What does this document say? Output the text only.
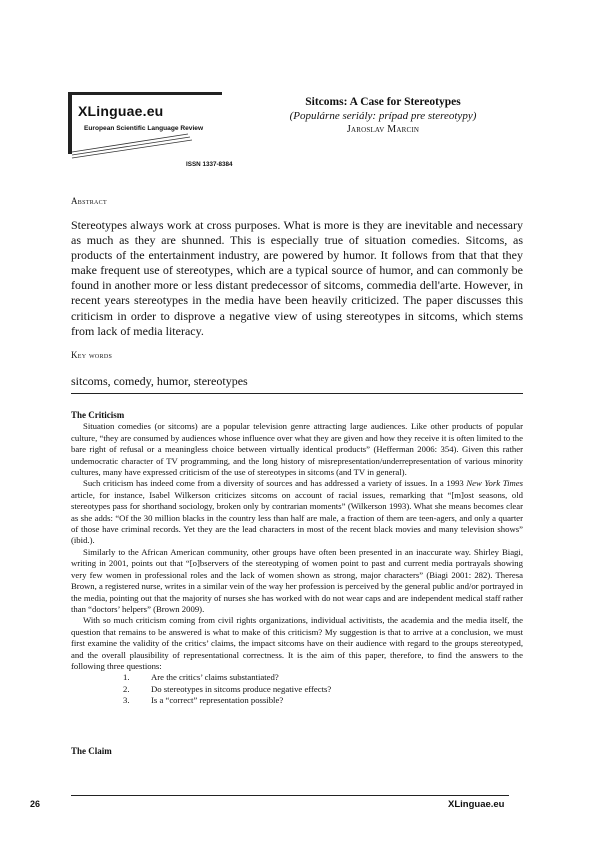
XLinguae.eu
European Scientific Language Review
ISSN 1337-8384
Sitcoms: A Case for Stereotypes
(Populárne seriály: prípad pre stereotypy)
Jaroslav Marcin
Abstract

Stereotypes always work at cross purposes. What is more is they are inevitable and necessary as much as they are shunned. This is especially true of situation comedies. Sitcoms, as products of the entertainment industry, are powered by humor. It follows from that that they make frequent use of stereotypes, which are a typical source of humor, and can commonly be found in another more or less distant predecessor of sitcoms, commedia dell'arte. However, in recent years stereotypes in the media have been heavily criticized. The paper discusses this criticism in order to disprove a negative view of using stereotypes in sitcoms, which stems from lack of media literacy.

Key words
sitcoms, comedy, humor, stereotypes

The Criticism

Situation comedies (or sitcoms) are a popular television genre attracting large audiences. Like other products of popular culture, “they are consumed by audiences whose influence over what they are given and how they receive it is often limited to the bare right of refusal or a meaningless choice between virtually identical products” (Hefferman 2006: 354). Given this rather undemocratic character of TV programming, and the long history of misrepresentation/underrepresentation of various minority cultures, many have expressed criticism of the use of stereotypes in sitcoms (and TV in general).

Such criticism has indeed come from a diversity of sources and has addressed a variety of issues. In a 1993 New York Times article, for instance, Isabel Wilkerson criticizes sitcoms on account of racial issues, remarking that “[m]ost seasons, old stereotypes pass for shorthand sociology, broken only by contrarian moments” (Wilkerson 1993). What she means becomes clear as she adds: “Of the 30 million blacks in the country less than half are male, a fraction of them are teen-agers, and only a quarter of those have criminal records. Yet they are the lead characters in most of the recent black movies and many television shows” (ibid.).

Similarly to the African American community, other groups have often been presented in an inaccurate way. Shirley Biagi, writing in 2001, points out that “[o]bservers of the stereotyping of women point to past and current media portrayals showing very few women in professional roles and the lack of women shown as strong, major characters” (Biagi 2001: 282). Theresa Brown, a registered nurse, writes in a similar vein of the way her profession is perceived by the general public and/or portrayed in the media, pointing out that the majority of nurses she has worked with do not wear caps and are independent medical staff rather than “doctors’ helpers” (Brown 2009).

With so much criticism coming from civil rights organizations, individual activitists, the academia and the media itself, the question that remains to be answered is what to make of this criticism? My suggestion is that to arrive at a conclusion, we must first examine the validity of the critics’ claims, the impact sitcoms have on their audience with regard to the groups stereotyped, and the overall plausibility of representational correctness. It is the aim of this paper, therefore, to find the answers to the following three questions:

1. Are the critics’ claims substantiated?
2. Do stereotypes in sitcoms produce negative effects?
3. Is a “correct” representation possible?
The Claim
26	XLinguae.eu
